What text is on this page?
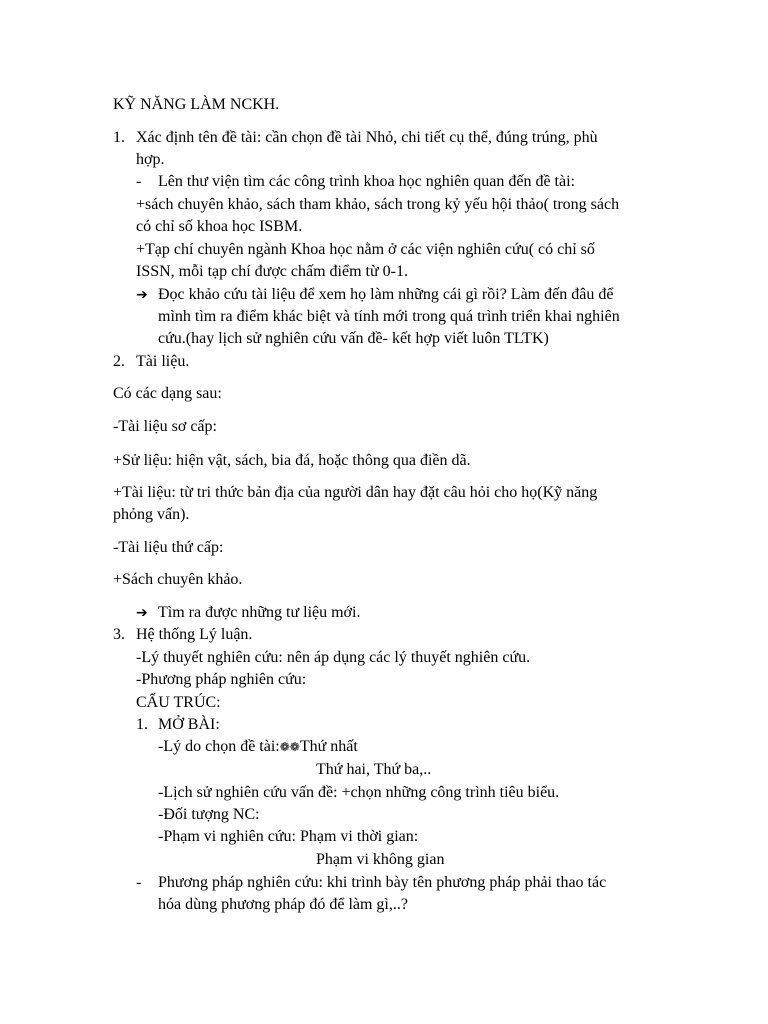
KỸ NĂNG LÀM NCKH.
1. Xác định tên đề tài: cần chọn đề tài Nhỏ, chi tiết cụ thể, đúng trúng, phù
hợp.
- Lên thư viện tìm các công trình khoa học nghiên quan đến đề tài:
+sách chuyên khảo, sách tham khảo, sách trong kỷ yếu hội thảo( trong sách
có chỉ số khoa học ISBM.
+Tạp chí chuyên ngành Khoa học nằm ở các viện nghiên cứu( có chỉ số
ISSN, mỗi tạp chí được chấm điểm từ 0-1.
➔ Đọc khảo cứu tài liệu để xem họ làm những cái gì rồi? Làm đến đâu để
mình tìm ra điểm khác biệt và tính mới trong quá trình triển khai nghiên
cứu.(hay lịch sử nghiên cứu vấn đề- kết hợp viết luôn TLTK)
2. Tài liệu.
Có các dạng sau:
-Tài liệu sơ cấp:
+Sử liệu: hiện vật, sách, bia đá, hoặc thông qua điền dã.
+Tài liệu: từ tri thức bản địa của người dân hay đặt câu hỏi cho họ(Kỹ năng
phỏng vấn).
-Tài liệu thứ cấp:
+Sách chuyên khảo.
➔ Tìm ra được những tư liệu mới.
3. Hệ thống Lý luận.
-Lý thuyết nghiên cứu: nên áp dụng các lý thuyết nghiên cứu.
-Phương pháp nghiên cứu:
CẤU TRÚC:
1. MỞ BÀI:
-Lý do chọn đề tài:❁❁Thứ nhất
Thứ hai, Thứ ba,..
-Lịch sử nghiên cứu vấn đề: +chọn những công trình tiêu biểu.
-Đối tượng NC:
-Phạm vi nghiên cứu: Phạm vi thời gian:
Phạm vi không gian
- Phương pháp nghiên cứu: khi trình bày tên phương pháp phải thao tác
hóa dùng phương pháp đó để làm gì,..?
